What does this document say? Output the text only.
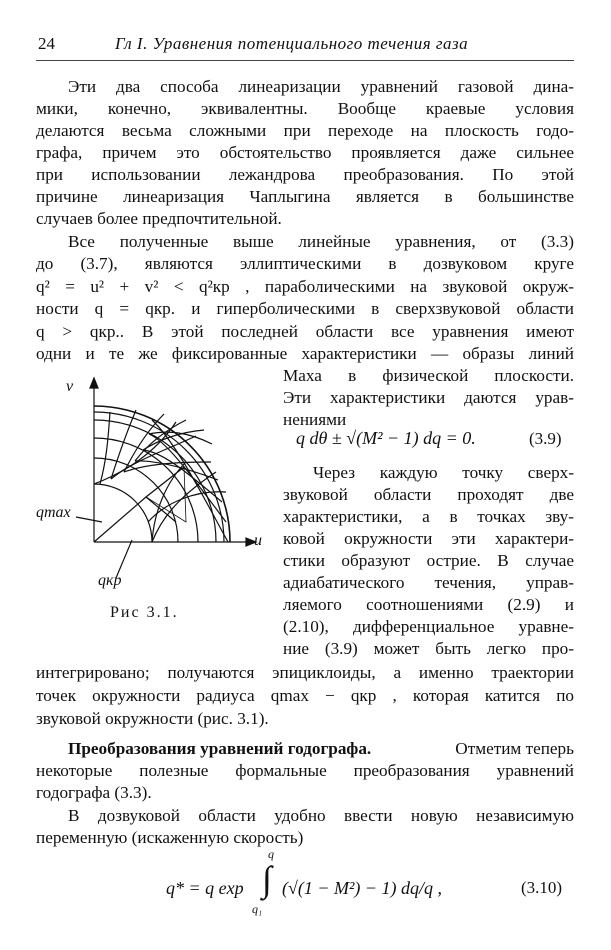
24	Гл I. Уравнения потенциального течения газа
Эти два способа линеаризации уравнений газовой дина-
мики, конечно, эквивалентны. Вообще краевые условия
делаются весьма сложными при переходе на плоскость годо-
графа, причем это обстоятельство проявляется даже сильнее
при использовании лежандрова преобразования. По этой
причине линеаризация Чаплыгина является в большинстве
случаев более предпочтительной.
Все полученные выше линейные уравнения, от (3.3)
до (3.7), являются эллиптическими в дозвуковом круге
q² = u² + v² < q²кр , параболическими на звуковой окруж-
ности q = qкр. и гиперболическими в сверхзвуковой области
q > qкр.. В этой последней области все уравнения имеют
одни и те же фиксированные характеристики — образы линий
Маха в физической плоскости.
Эти характеристики даются урав-
нениями
q dθ ± √(M² − 1) dq = 0.	(3.9)
Через каждую точку сверх-
звуковой области проходят две
характеристики, а в точках зву-
ковой окружности эти характери-
стики образуют острие. В случае
адиабатического течения, управ-
ляемого соотношениями (2.9) и
(2.10), дифференциальное уравне-
ние (3.9) может быть легко про-
интегрировано; получаются эпициклоиды, а именно траектории
точек окружности радиуса qmax − qкр , которая катится по
звуковой окружности (рис. 3.1).
v
u
qmax
qкр
Рис 3.1.
Преобразования уравнений годографа.	Отметим теперь
некоторые полезные формальные преобразования уравнений
годографа (3.3).
В дозвуковой области удобно ввести новую независимую
переменную (искаженную скорость)
q* = q exp ∫
q
q₁
(√(1 − M²) − 1) dq/q ,	(3.10)
